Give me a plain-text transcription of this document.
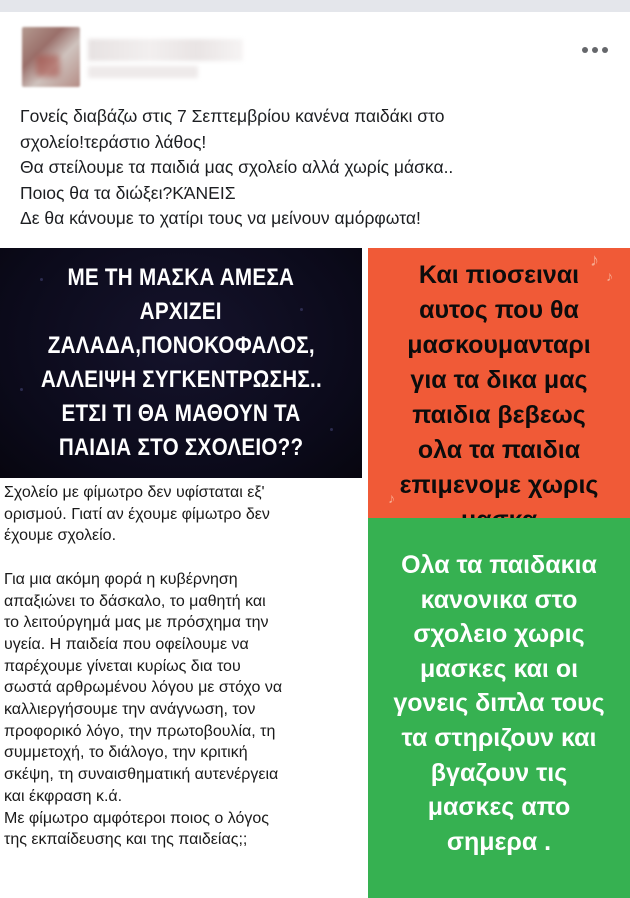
Γονείς διαβάζω στις 7 Σεπτεμβρίου κανένα παιδάκι στο
σχολείο!τεράστιο λάθος!
Θα στείλουμε τα παιδιά μας σχολείο αλλά χωρίς μάσκα..
Ποιος θα τα διώξει?ΚΆΝΕΙΣ
Δε θα κάνουμε το χατίρι τους να μείνουν αμόρφωτα!
ΜΕ ΤΗ ΜΑΣΚΑ ΑΜΕΣΑ
ΑΡΧΙΖΕΙ
ΖΑΛΑΔΑ,ΠΟΝΟΚΟΦΑΛΟΣ,
ΑΛΛΕΙΨΗ ΣΥΓΚΕΝΤΡΩΣΗΣ..
ΕΤΣΙ ΤΙ ΘΑ ΜΑΘΟΥΝ ΤΑ
ΠΑΙΔΙΑ ΣΤΟ ΣΧΟΛΕΙΟ??
♪
♪
♪
Και πιοσειναι
αυτος που θα
μασκουμανταρι
για τα δικα μας
παιδια βεβεως
ολα τα παιδια
επιμενομε χωρις
Σχολείο με φίμωτρο δεν υφίσταται εξ'
ορισμού. Γιατί αν έχουμε φίμωτρο δεν
έχουμε σχολείο.
Για μια ακόμη φορά η κυβέρνηση
απαξιώνει το δάσκαλο, το μαθητή και
το λειτούργημά μας με πρόσχημα την
υγεία. Η παιδεία που οφείλουμε να
παρέχουμε γίνεται κυρίως δια του
σωστά αρθρωμένου λόγου με στόχο να
καλλιεργήσουμε την ανάγνωση, τον
προφορικό λόγο, την πρωτοβουλία, τη
συμμετοχή, το διάλογο, την κριτική
σκέψη, τη συναισθηματική αυτενέργεια
και έκφραση κ.ά.
Με φίμωτρο αμφότεροι ποιος ο λόγος
της εκπαίδευσης και της παιδείας;;
Ολα τα παιδακια
κανονικα στο
σχολειο χωρις
μασκες και οι
γονεις διπλα τους
τα στηριζουν και
βγαζουν τις
μασκες απο
σημερα .
